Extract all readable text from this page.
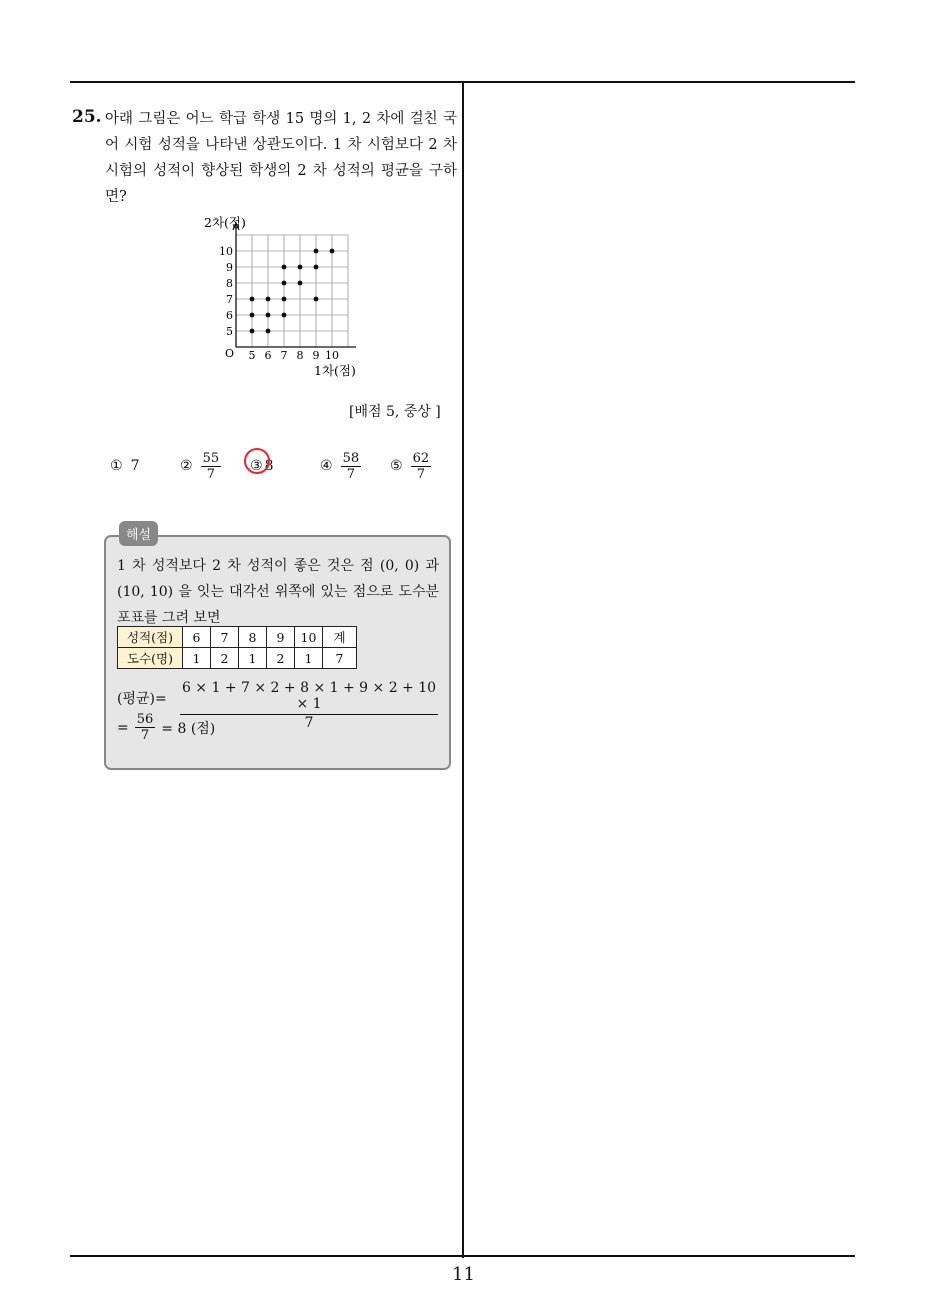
25. 아래 그림은 어느 학급 학생 15 명의 1, 2 차에 걸친 국어 시험 성적을 나타낸 상관도이다. 1 차 시험보다 2 차 시험의 성적이 향상된 학생의 2 차 성적의 평균을 구하면?
5 6 7 8 9 10
5
6
7
8
9
10
2차(점)
1차(점)
O
[배점 5, 중상 ]
① 7	② $\frac{55}{7}$ ③ 8	④ $\frac{58}{7}$ ⑤ $\frac{62}{7}$
해설
1 차 성적보다 2 차 성적이 좋은 것은 점 (0, 0) 과 (10, 10) 을 잇는 대각선 위쪽에 있는 점으로 도수분포표를 그려 보면
성적(점)	6	7	8	9	10	계
도수(명)	1	2	1	2	1	7
(평균)= $\frac{6 \times 1 + 7 \times 2 + 8 \times 1 + 9 \times 2 + 10 \times 1}{7}$
= $\frac{56}{7} = 8$ (점)
11
